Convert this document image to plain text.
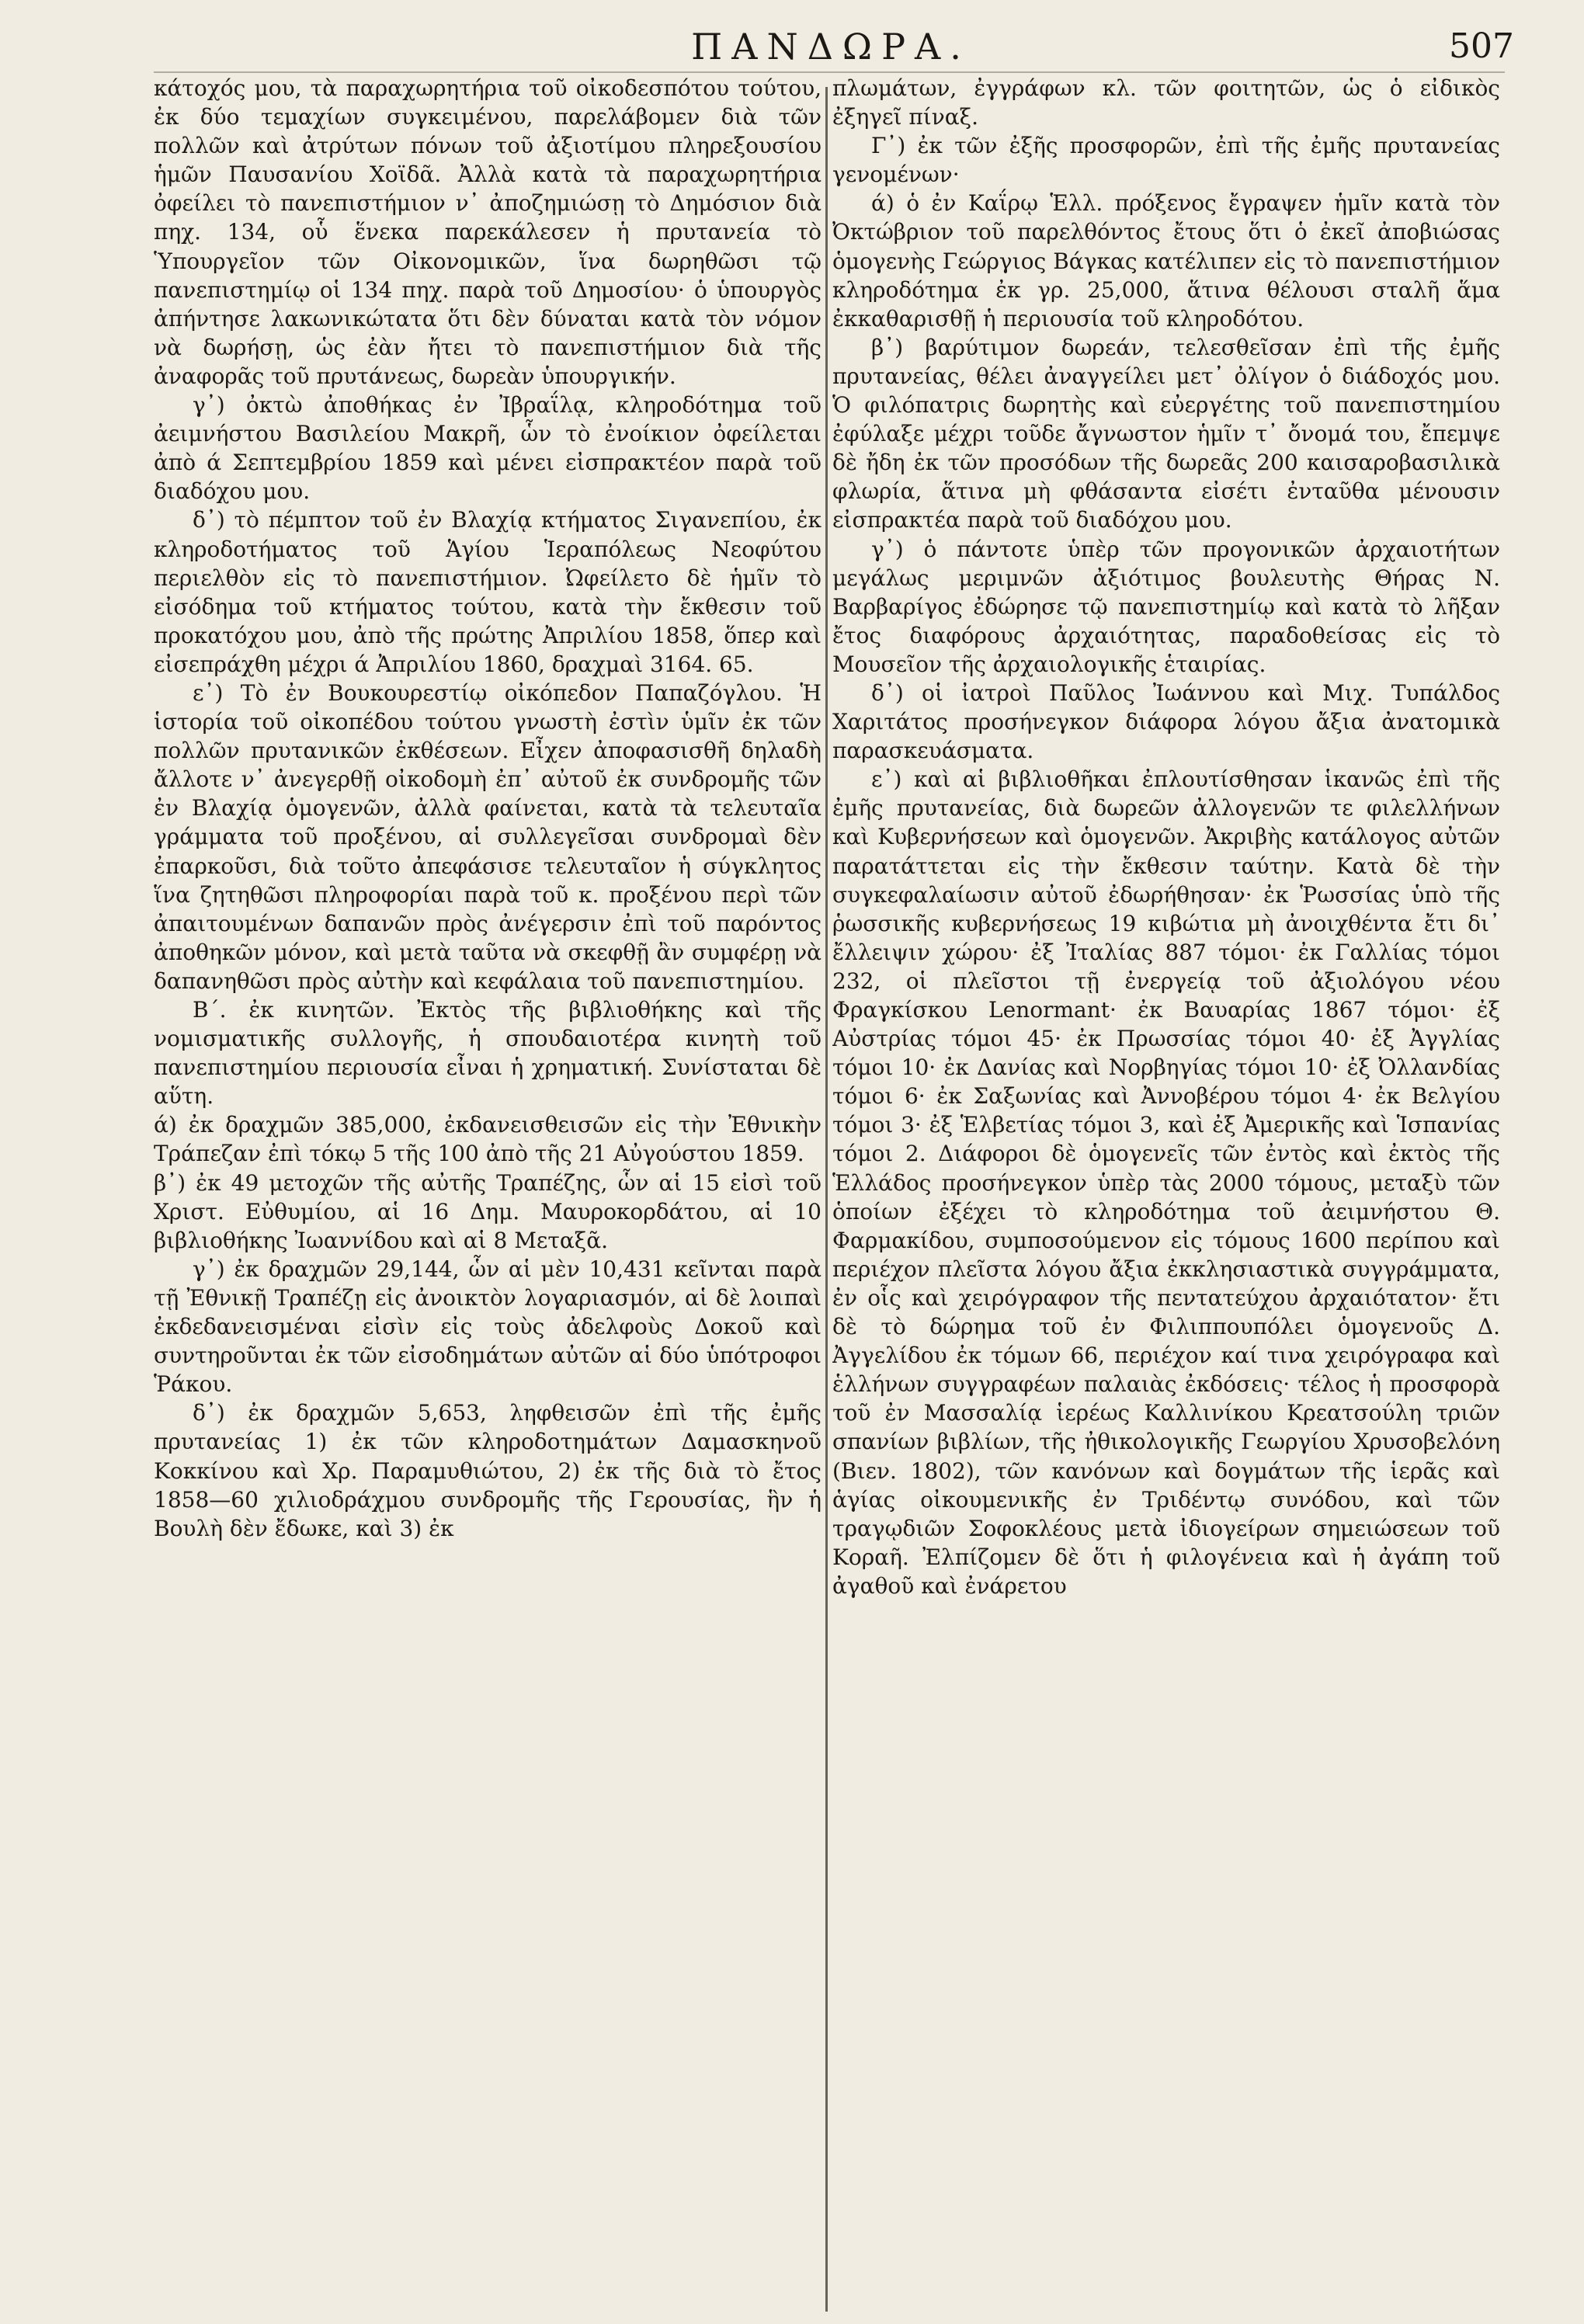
ΠΑΝΔΩΡΑ.	507

κάτοχός μου, τὰ παραχωρητήρια τοῦ οἰκοδεσπότου τούτου, ἐκ δύο τεμαχίων συγκειμένου, παρελάβομεν διὰ τῶν πολλῶν καὶ ἀτρύτων πόνων τοῦ ἀξιοτίμου πληρεξουσίου ἡμῶν Παυσανίου Χοϊδᾶ. Ἀλλὰ κατὰ τὰ παραχωρητήρια ὀφείλει τὸ πανεπιστήμιον ν᾽ ἀποζημιώσῃ τὸ Δημόσιον διὰ πηχ. 134, οὗ ἕνεκα παρεκάλεσεν ἡ πρυτανεία τὸ Ὑπουργεῖον τῶν Οἰκονομικῶν, ἵνα δωρηθῶσι τῷ πανεπιστημίῳ οἱ 134 πηχ. παρὰ τοῦ Δημοσίου· ὁ ὑπουργὸς ἀπήντησε λακωνικώτατα ὅτι δὲν δύναται κατὰ τὸν νόμον νὰ δωρήσῃ, ὡς ἐὰν ἤτει τὸ πανεπιστήμιον διὰ τῆς ἀναφορᾶς τοῦ πρυτάνεως, δωρεὰν ὑπουργικήν.

γ᾽) ὀκτὼ ἀποθήκας ἐν Ἰβραΐλᾳ, κληροδότημα τοῦ ἀειμνήστου Βασιλείου Μακρῆ, ὧν τὸ ἐνοίκιον ὀφείλεται ἀπὸ ά Σεπτεμβρίου 1859 καὶ μένει εἰσπρακτέον παρὰ τοῦ διαδόχου μου.

δ᾽) τὸ πέμπτον τοῦ ἐν Βλαχίᾳ κτήματος Σιγανεπίου, ἐκ κληροδοτήματος τοῦ Ἁγίου Ἱεραπόλεως Νεοφύτου περιελθὸν εἰς τὸ πανεπιστήμιον. Ὠφείλετο δὲ ἡμῖν τὸ εἰσόδημα τοῦ κτήματος τούτου, κατὰ τὴν ἔκθεσιν τοῦ προκατόχου μου, ἀπὸ τῆς πρώτης Ἀπριλίου 1858, ὅπερ καὶ εἰσεπράχθη μέχρι ά Ἀπριλίου 1860, δραχμαὶ 3164. 65.

ε᾽) Τὸ ἐν Βουκουρεστίῳ οἰκόπεδον Παπαζόγλου. Ἡ ἱστορία τοῦ οἰκοπέδου τούτου γνωστὴ ἐστὶν ὑμῖν ἐκ τῶν πολλῶν πρυτανικῶν ἐκθέσεων. Εἶχεν ἀποφασισθῆ δηλαδὴ ἄλλοτε ν᾽ ἀνεγερθῇ οἰκοδομὴ ἐπ᾽ αὐτοῦ ἐκ συνδρομῆς τῶν ἐν Βλαχίᾳ ὁμογενῶν, ἀλλὰ φαίνεται, κατὰ τὰ τελευταῖα γράμματα τοῦ προξένου, αἱ συλλεγεῖσαι συνδρομαὶ δὲν ἐπαρκοῦσι, διὰ τοῦτο ἀπεφάσισε τελευταῖον ἡ σύγκλητος ἵνα ζητηθῶσι πληροφορίαι παρὰ τοῦ κ. προξένου περὶ τῶν ἀπαιτουμένων δαπανῶν πρὸς ἀνέγερσιν ἐπὶ τοῦ παρόντος ἀποθηκῶν μόνον, καὶ μετὰ ταῦτα νὰ σκεφθῇ ἂν συμφέρῃ νὰ δαπανηθῶσι πρὸς αὐτὴν καὶ κεφάλαια τοῦ πανεπιστημίου.

Β΄. ἐκ κινητῶν. Ἐκτὸς τῆς βιβλιοθήκης καὶ τῆς νομισματικῆς συλλογῆς, ἡ σπουδαιοτέρα κινητὴ τοῦ πανεπιστημίου περιουσία εἶναι ἡ χρηματική. Συνίσταται δὲ αὕτη.

ά) ἐκ δραχμῶν 385,000, ἐκδανεισθεισῶν εἰς τὴν Ἐθνικὴν Τράπεζαν ἐπὶ τόκῳ 5 τῆς 100 ἀπὸ τῆς 21 Αὐγούστου 1859.

β᾽) ἐκ 49 μετοχῶν τῆς αὐτῆς Τραπέζης, ὧν αἱ 15 εἰσὶ τοῦ Χριστ. Εὐθυμίου, αἱ 16 Δημ. Μαυροκορδάτου, αἱ 10 βιβλιοθήκης Ἰωαννίδου καὶ αἱ 8 Μεταξᾶ.

γ᾽) ἐκ δραχμῶν 29,144, ὧν αἱ μὲν 10,431 κεῖνται παρὰ τῇ Ἐθνικῇ Τραπέζῃ εἰς ἀνοικτὸν λογαριασμόν, αἱ δὲ λοιπαὶ ἐκδεδανεισμέναι εἰσὶν εἰς τοὺς ἀδελφοὺς Δοκοῦ καὶ συντηροῦνται ἐκ τῶν εἰσοδημάτων αὐτῶν αἱ δύο ὑπότροφοι Ῥάκου.

δ᾽) ἐκ δραχμῶν 5,653, ληφθεισῶν ἐπὶ τῆς ἐμῆς πρυτανείας 1) ἐκ τῶν κληροδοτημάτων Δαμασκηνοῦ Κοκκίνου καὶ Χρ. Παραμυθιώτου, 2) ἐκ τῆς διὰ τὸ ἔτος 1858—60 χιλιοδράχμου συνδρομῆς τῆς Γερουσίας, ἣν ἡ Βουλὴ δὲν ἔδωκε, καὶ 3) ἐκ

πλωμάτων, ἐγγράφων κλ. τῶν φοιτητῶν, ὡς ὁ εἰδικὸς ἐξηγεῖ πίναξ.

Γ᾽) ἐκ τῶν ἐξῆς προσφορῶν, ἐπὶ τῆς ἐμῆς πρυτανείας γενομένων·

ά) ὁ ἐν Καΐρῳ Ἑλλ. πρόξενος ἔγραψεν ἡμῖν κατὰ τὸν Ὀκτώβριον τοῦ παρελθόντος ἔτους ὅτι ὁ ἐκεῖ ἀποβιώσας ὁμογενὴς Γεώργιος Βάγκας κατέλιπεν εἰς τὸ πανεπιστήμιον κληροδότημα ἐκ γρ. 25,000, ἅτινα θέλουσι σταλῆ ἅμα ἐκκαθαρισθῇ ἡ περιουσία τοῦ κληροδότου.

β᾽) βαρύτιμον δωρεάν, τελεσθεῖσαν ἐπὶ τῆς ἐμῆς πρυτανείας, θέλει ἀναγγείλει μετ᾽ ὀλίγον ὁ διάδοχός μου. Ὁ φιλόπατρις δωρητὴς καὶ εὐεργέτης τοῦ πανεπιστημίου ἐφύλαξε μέχρι τοῦδε ἄγνωστον ἡμῖν τ᾽ ὄνομά του, ἔπεμψε δὲ ἤδη ἐκ τῶν προσόδων τῆς δωρεᾶς 200 καισαροβασιλικὰ φλωρία, ἅτινα μὴ φθάσαντα εἰσέτι ἐνταῦθα μένουσιν εἰσπρακτέα παρὰ τοῦ διαδόχου μου.

γ᾽) ὁ πάντοτε ὑπὲρ τῶν προγονικῶν ἀρχαιοτήτων μεγάλως μεριμνῶν ἀξιότιμος βουλευτὴς Θήρας Ν. Βαρβαρίγος ἐδώρησε τῷ πανεπιστημίῳ καὶ κατὰ τὸ λῆξαν ἔτος διαφόρους ἀρχαιότητας, παραδοθείσας εἰς τὸ Μουσεῖον τῆς ἀρχαιολογικῆς ἑταιρίας.

δ᾽) οἱ ἰατροὶ Παῦλος Ἰωάννου καὶ Μιχ. Τυπάλδος Χαριτάτος προσήνεγκον διάφορα λόγου ἄξια ἀνατομικὰ παρασκευάσματα.

ε᾽) καὶ αἱ βιβλιοθῆκαι ἐπλουτίσθησαν ἱκανῶς ἐπὶ τῆς ἐμῆς πρυτανείας, διὰ δωρεῶν ἀλλογενῶν τε φιλελλήνων καὶ Κυβερνήσεων καὶ ὁμογενῶν. Ἀκριβὴς κατάλογος αὐτῶν παρατάττεται εἰς τὴν ἔκθεσιν ταύτην. Κατὰ δὲ τὴν συγκεφαλαίωσιν αὐτοῦ ἐδωρήθησαν· ἐκ Ῥωσσίας ὑπὸ τῆς ῥωσσικῆς κυβερνήσεως 19 κιβώτια μὴ ἀνοιχθέντα ἔτι δι᾽ ἔλλειψιν χώρου· ἐξ Ἰταλίας 887 τόμοι· ἐκ Γαλλίας τόμοι 232, οἱ πλεῖστοι τῇ ἐνεργείᾳ τοῦ ἀξιολόγου νέου Φραγκίσκου Lenormant· ἐκ Βαυαρίας 1867 τόμοι· ἐξ Αὐστρίας τόμοι 45· ἐκ Πρωσσίας τόμοι 40· ἐξ Ἀγγλίας τόμοι 10· ἐκ Δανίας καὶ Νορβηγίας τόμοι 10· ἐξ Ὀλλανδίας τόμοι 6· ἐκ Σαξωνίας καὶ Ἀννοβέρου τόμοι 4· ἐκ Βελγίου τόμοι 3· ἐξ Ἑλβετίας τόμοι 3, καὶ ἐξ Ἀμερικῆς καὶ Ἱσπανίας τόμοι 2. Διάφοροι δὲ ὁμογενεῖς τῶν ἐντὸς καὶ ἐκτὸς τῆς Ἑλλάδος προσήνεγκον ὑπὲρ τὰς 2000 τόμους, μεταξὺ τῶν ὁποίων ἐξέχει τὸ κληροδότημα τοῦ ἀειμνήστου Θ. Φαρμακίδου, συμποσούμενον εἰς τόμους 1600 περίπου καὶ περιέχον πλεῖστα λόγου ἄξια ἐκκλησιαστικὰ συγγράμματα, ἐν οἷς καὶ χειρόγραφον τῆς πεντατεύχου ἀρχαιότατον· ἔτι δὲ τὸ δώρημα τοῦ ἐν Φιλιππουπόλει ὁμογενοῦς Δ. Ἀγγελίδου ἐκ τόμων 66, περιέχον καί τινα χειρόγραφα καὶ ἑλλήνων συγγραφέων παλαιὰς ἐκδόσεις· τέλος ἡ προσφορὰ τοῦ ἐν Μασσαλίᾳ ἱερέως Καλλινίκου Κρεατσούλη τριῶν σπανίων βιβλίων, τῆς ἠθικολογικῆς Γεωργίου Χρυσοβελόνη (Βιεν. 1802), τῶν κανόνων καὶ δογμάτων τῆς ἱερᾶς καὶ ἁγίας οἰκουμενικῆς ἐν Τριδέντῳ συνόδου, καὶ τῶν τραγῳδιῶν Σοφοκλέους μετὰ ἰδιογείρων σημειώσεων τοῦ Κοραῆ. Ἐλπίζομεν δὲ ὅτι ἡ φιλογένεια καὶ ἡ ἀγάπη τοῦ ἀγαθοῦ καὶ ἐνάρετου
